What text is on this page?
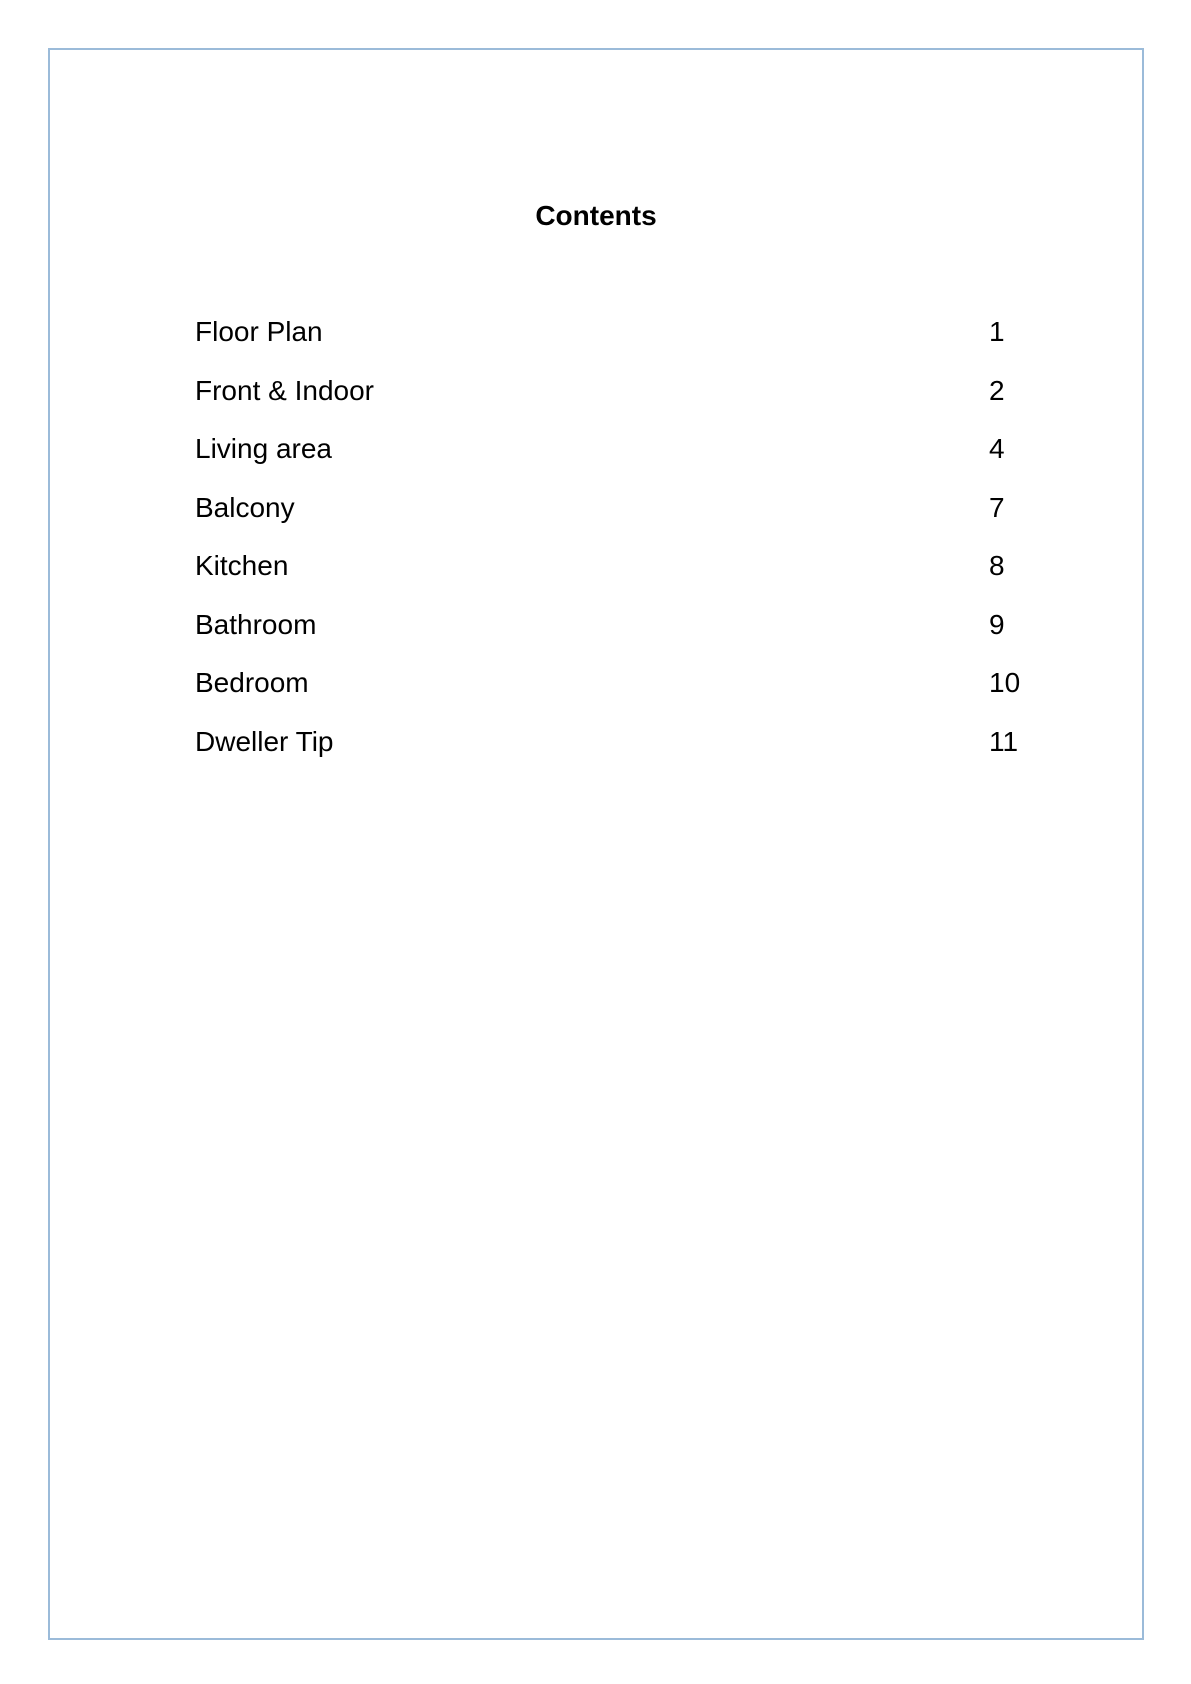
Contents
Floor Plan	1
Front & Indoor	2
Living area	4
Balcony	7
Kitchen	8
Bathroom	9
Bedroom	10
Dweller Tip	11
